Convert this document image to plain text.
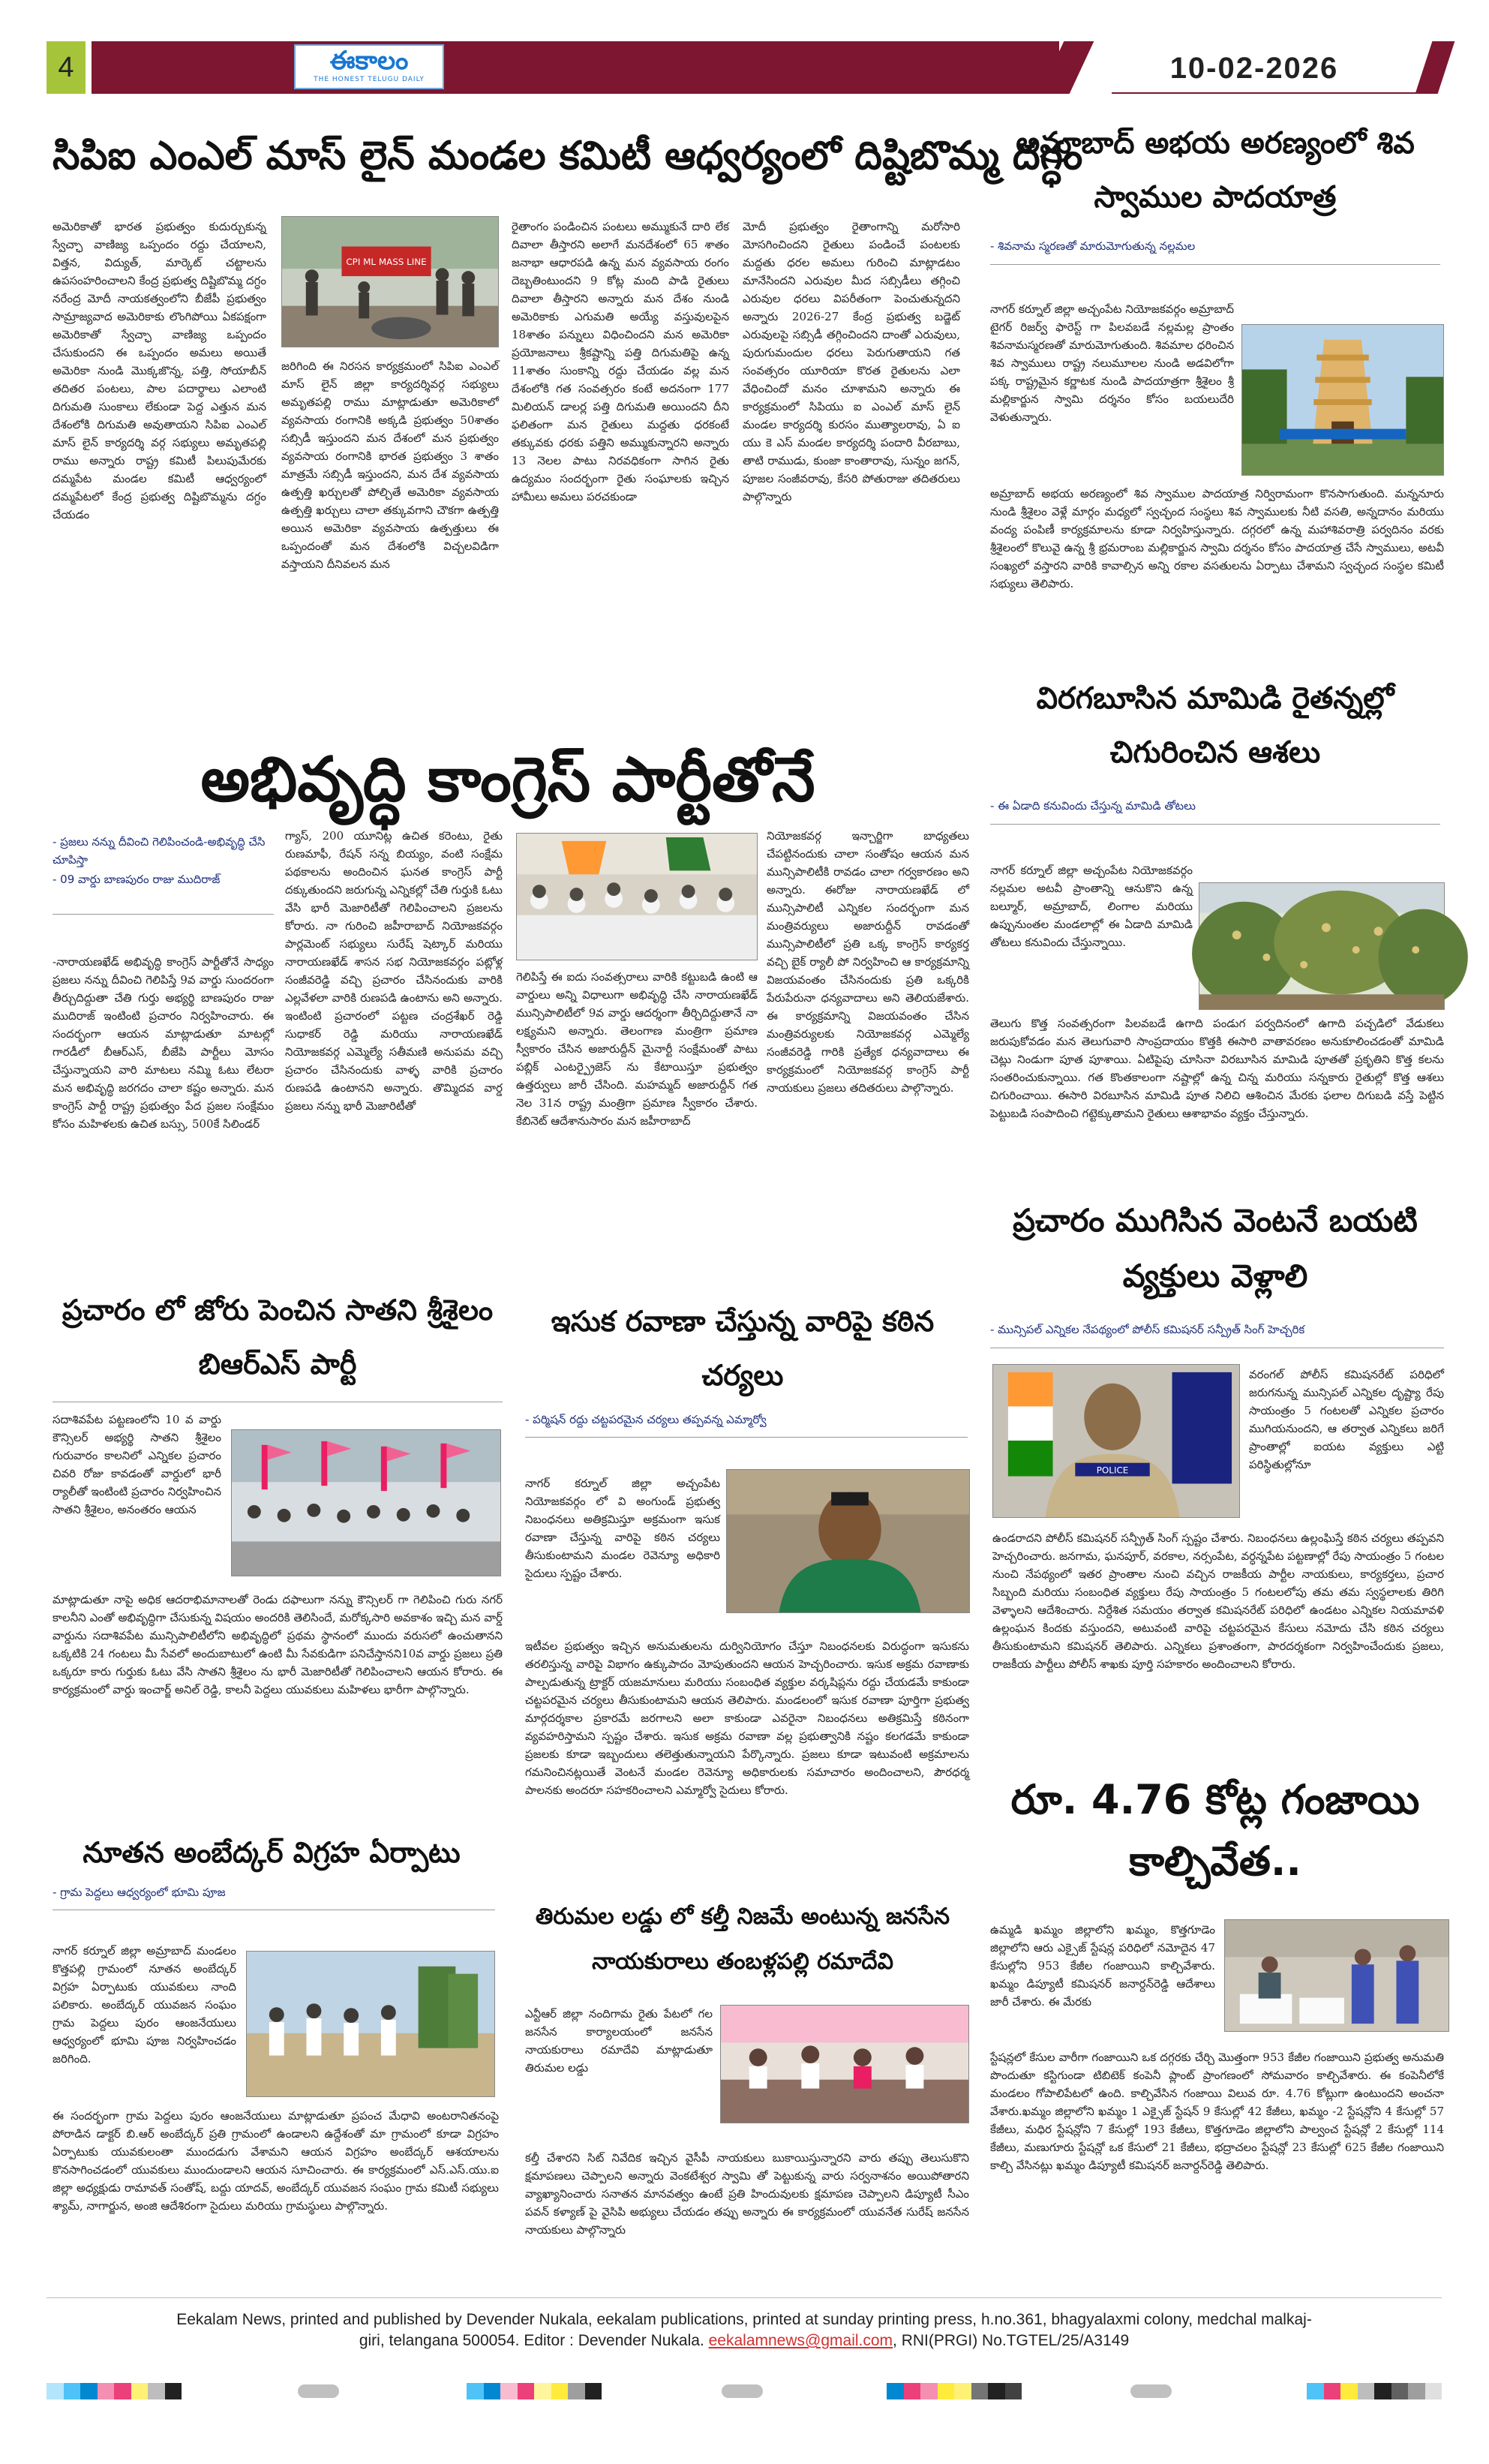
4	ఈకాలం
THE HONEST TELUGU DAILY	10-02-2026
సిపిఐ ఎంఎల్ మాస్ లైన్ మండల కమిటీ ఆధ్వర్యంలో దిష్టిబొమ్మ దగ్ధం
అమెరికాతో భారత ప్రభుత్వం కుదుర్చుకున్న స్వేచ్ఛా వాణిజ్య ఒప్పందం రద్దు చేయాలని, విత్తన, విద్యుత్, మార్కెట్ చట్టాలను ఉపసంహరించాలని కేంద్ర ప్రభుత్వ దిష్టిబొమ్మ దగ్ధం నరేంద్ర మోదీ నాయకత్వంలోని బీజేపీ ప్రభుత్వం సామ్రాజ్యవాద అమెరికాకు లొంగిపోయి ఏకపక్షంగా అమెరికాతో స్వేచ్ఛా వాణిజ్య ఒప్పందం చేసుకుందని ఈ ఒప్పందం అమలు అయితే అమెరికా నుండి మొక్కజొన్న, పత్తి, సోయాబీన్ తదితర పంటలు, పాల పదార్థాలు ఎలాంటి దిగుమతి సుంకాలు లేకుండా పెద్ద ఎత్తున మన దేశంలోకి దిగుమతి అవుతాయని సిపిఐ ఎంఎల్ మాస్ లైన్ కార్యదర్శి వర్గ సభ్యులు అమృతపల్లి రాము అన్నారు రాష్ట్ర కమిటీ పిలుపుమేరకు దమ్మపేట మండల కమిటీ ఆధ్వర్యంలో దమ్మపేటలో కేంద్ర ప్రభుత్వ దిష్టిబొమ్మను దగ్ధం చేయడం
CPI ML MASS LINE
జరిగింది ఈ నిరసన కార్యక్రమంలో సిపిఐ ఎంఎల్ మాస్ లైన్ జిల్లా కార్యదర్శివర్గ సభ్యులు అమృతపల్లి రాము మాట్లాడుతూ అమెరికాలో వ్యవసాయ రంగానికి అక్కడి ప్రభుత్వం 50శాతం సబ్సిడీ ఇస్తుందని మన దేశంలో మన ప్రభుత్వం వ్యవసాయ రంగానికి భారత ప్రభుత్వం 3 శాతం మాత్రమే సబ్సిడీ ఇస్తుందని, మన దేశ వ్యవసాయ ఉత్పత్తి ఖర్చులతో పోల్చితే అమెరికా వ్యవసాయ ఉత్పత్తి ఖర్చులు చాలా తక్కువగాని చౌకగా ఉత్పత్తి అయిన అమెరికా వ్యవసాయ ఉత్పత్తులు ఈ ఒప్పందంతో మన దేశంలోకి విచ్చలవిడిగా వస్తాయని దీనివలన మన
రైతాంగం పండించిన పంటలు అమ్ముకునే దారి లేక దివాలా తీస్తారని అలాగే మనదేశంలో 65 శాతం జనాభా ఆధారపడి ఉన్న మన వ్యవసాయ రంగం దెబ్బతింటుందని 9 కోట్ల మంది పాడి రైతులు దివాలా తీస్తారని అన్నారు మన దేశం నుండి అమెరికాకు ఎగుమతి అయ్యే వస్తువులపైన 18శాతం పన్నులు విధించిందని మన అమెరికా ప్రయోజనాలు శ్రీకష్టాన్ని పత్తి దిగుమతిపై ఉన్న 11శాతం సుంకాన్ని రద్దు చేయడం వల్ల మన దేశంలోకి గత సంవత్సరం కంటే అదనంగా 177 మిలియన్ డాలర్ల పత్తి దిగుమతి అయిందని దీని ఫలితంగా మన రైతులు మద్దతు ధరకంటే తక్కువకు ధరకు పత్తిని అమ్ముకున్నారని అన్నారు 13 నెలల పాటు నిరవధికంగా సాగిన రైతు ఉద్యమం సందర్భంగా రైతు సంఘాలకు ఇచ్చిన హామీలు అమలు పరచకుండా
మోదీ ప్రభుత్వం రైతాంగాన్ని మరోసారి మోసగించిందని రైతులు పండించే పంటలకు మద్దతు ధరల అమలు గురించి మాట్లాడటం మానేసిందని ఎరువుల మీద సబ్సిడీలు తగ్గించి ఎరువుల ధరలు విపరీతంగా పెంచుతున్నదని అన్నారు 2026-27 కేంద్ర ప్రభుత్వ బడ్జెట్ ఎరువులపై సబ్సిడీ తగ్గించిందని దాంతో ఎరువులు, పురుగుమందుల ధరలు పెరుగుతాయని గత సంవత్సరం యూరియా కొరత రైతులను ఎలా వేధించిందో మనం చూశామని అన్నారు ఈ కార్యక్రమంలో సిపియు ఐ ఎంఎల్ మాస్ లైన్ మండల కార్యదర్శి కురసం ముత్యాలరావు, ఏ ఐ యు కె ఎస్ మండల కార్యదర్శి పందారి వీరబాబు, తాటి రాముడు, కుంజా కాంతారావు, సున్నం జగన్, పూజల సంజీవరావు, కేసరి పోతురాజు తదితరులు పాల్గొన్నారు
అమ్రాబాద్ అభయ అరణ్యంలో శివ స్వాముల పాదయాత్ర
- శివనామ స్మరణతో మారుమోగుతున్న నల్లమల
నాగర్ కర్నూల్ జిల్లా అచ్చంపేట నియోజకవర్గం అమ్రాబాద్ టైగర్ రిజర్వ్ ఫారెస్ట్ గా పిలవబడే నల్లమల్ల ప్రాంతం శివనామస్మరణతో మారుమోగుతుంది. శివమాల ధరించిన శివ స్వాములు రాష్ట్ర నలుమూలల నుండి అడవిలోగా పక్క రాష్ట్రమైన కర్ణాటక నుండి పాదయాత్రగా శ్రీశైలం శ్రీ మల్లికార్జున స్వామి దర్శనం కోసం బయలుదేరి వెళుతున్నారు.
అమ్రాబాద్ అభయ అరణ్యంలో శివ స్వాముల పాదయాత్ర నిర్విరామంగా కొనసాగుతుంది. మన్ననూరు నుండి శ్రీశైలం వెళ్లే మార్గం మధ్యలో స్వచ్ఛంద సంస్థలు శివ స్వాములకు నీటి వసతి, అన్నదానం మరియు వంద్య పంపిణీ కార్యక్రమాలను కూడా నిర్వహిస్తున్నారు. దగ్గరలో ఉన్న మహాశివరాత్రి పర్వదినం వరకు శ్రీశైలంలో కొలువై ఉన్న శ్రీ భ్రమరాంబ మల్లికార్జున స్వామి దర్శనం కోసం పాదయాత్ర చేసే స్వాములు, అటవీ సంఖ్యలో వస్తారని వారికి కావాల్సిన అన్ని రకాల వసతులను ఏర్పాటు చేశామని స్వచ్ఛంద సంస్థల కమిటీ సభ్యులు తెలిపారు.
విరగబూసిన మామిడి రైతన్నల్లో చిగురించిన ఆశలు
- ఈ ఏడాది కనువిందు చేస్తున్న మామిడి తోటలు
నాగర్ కర్నూల్ జిల్లా అచ్చంపేట నియోజకవర్గం నల్లమల అటవీ ప్రాంతాన్ని ఆనుకొని ఉన్న బల్మూర్, అమ్రాబాద్, లింగాల మరియు ఉప్పునుంతల మండలాల్లో ఈ ఏడాది మామిడి తోటలు కనువిందు చేస్తున్నాయి.
తెలుగు కొత్త సంవత్సరంగా పిలవబడే ఉగాది పండుగ పర్వదినంలో ఉగాది పచ్చడిలో వేడుకలు జరుపుకోవడం మన తెలుగువారి సాంప్రదాయం కొత్తకి ఈసారి వాతావరణం అనుకూలించడంతో మామిడి చెట్లు నిండుగా పూత పూశాయి. ఏటిపైపు చూసినా విరబూసిన మామిడి పూతతో ప్రకృతిని కొత్త కలను సంతరించుకున్నాయి. గత కొంతకాలంగా నష్టాల్లో ఉన్న చిన్న మరియు సన్నకారు రైతుల్లో కొత్త ఆశలు చిగురించాయి. ఈసారి విరబూసిన మామిడి పూత నిలిచి ఆశించిన మేరకు ఫలాల దిగుబడి వస్తే పెట్టిన పెట్టుబడి సంపాదించి గట్టెక్కుతామని రైతులు ఆశాభావం వ్యక్తం చేస్తున్నారు.
అభివృద్ధి కాంగ్రెస్ పార్టీతోనే
- ప్రజలు నన్ను దీవించి గెలిపించండి-అభివృద్ధి చేసి చూపిస్తా
- 09 వార్డు బాణపురం రాజు ముదిరాజ్
-నారాయణఖేడ్ అభివృద్ధి కాంగ్రెస్ పార్టీతోనే సాధ్యం ప్రజలు నన్ను దీవించి గెలిపిస్తే 9వ వార్డు సుందరంగా తీర్చుదిద్దుతా చేతి గుర్తు అభ్యర్థి బాణపురం రాజు ముదిరాజ్ ఇంటింటి ప్రచారం నిర్వహించారు. ఈ సందర్భంగా ఆయన మాట్లాడుతూ మాటల్లో గారడీలో బీఆర్ఎస్, బీజేపి పార్టీలు మోసం చేస్తున్నాయని వారి మాటలు నమ్మి ఓటు లేటరా మన అభివృద్ధి జరగదం చాలా కష్టం అన్నారు. మన కాంగ్రెస్ పార్టీ రాష్ట్ర ప్రభుత్వం పేద ప్రజల సంక్షేమం కోసం మహిళలకు ఉచిత బస్సు, 500కే సిలిండర్
గ్యాస్, 200 యూనిట్ల ఉచిత కరెంటు, రైతు రుణమాఫీ, రేషన్ సన్న బియ్యం, వంటి సంక్షేమ పథకాలను అందించిన ఘనత కాంగ్రెస్ పార్టీ దక్కుతుందని జరుగున్న ఎన్నికల్లో చేతి గుర్తుకి ఓటు వేసి భారీ మెజారిటీతో గెలిపించాలని ప్రజలను కోరారు. నా గురించి జహీరాబాద్ నియోజకవర్గం పార్లమెంట్ సభ్యులు సురేష్ షెట్కార్ మరియు నారాయణఖేడ్ శాసన సభ నియోజకవర్గం పట్లోళ్ల సంజీవరెడ్డి వచ్చి ప్రచారం చేసినందుకు వారికి ఎల్లవేళలా వారికి రుణపడి ఉంటాను అని అన్నారు. ఇంటింటి ప్రచారంలో పట్టణ చంద్రశేఖర్ రెడ్డి సుధాకర్ రెడ్డి మరియు నారాయణఖేడ్ నియోజకవర్గ ఎమ్మెల్యే సతీమణి అనుపమ వచ్చి ప్రచారం చేసినందుకు వాళ్ళ వారికి ప్రచారం రుణపడి ఉంటానని అన్నారు. తొమ్మిదవ వార్డ ప్రజలు నన్ను భారీ మెజారిటీతో
గెలిపిస్తే ఈ ఐదు సంవత్సరాలు వారికి కట్టుబడి ఉంటి ఆ వార్డులు అన్ని విధాలుగా అభివృద్ధి చేసి నారాయణఖేడ్ మున్సిపాలిటీలో 9వ వార్డు ఆదర్శంగా తీర్చిదిద్దుతానే నా లక్ష్యమని అన్నారు. తెలంగాణ మంత్రిగా ప్రమాణ స్వీకారం చేసిన అజారుద్దీన్ మైనార్టీ సంక్షేమంతో పాటు పబ్లిక్ ఎంటర్ప్రైజెస్ ను కేటాయిస్తూ ప్రభుత్వం ఉత్తర్వులు జారీ చేసింది. మహమ్మద్ అజారుద్దీన్ గత నెల 31న రాష్ట్ర మంత్రిగా ప్రమాణ స్వీకారం చేశారు. కేబినెట్ ఆదేశానుసారం మన జహీరాబాద్
నియోజకవర్గ ఇన్చార్జిగా బాధ్యతలు చేపట్టినందుకు చాలా సంతోషం ఆయన మన మున్సిపాలిటీకి రావడం చాలా గర్వకారణం అని అన్నారు. ఈరోజు నారాయణఖేడ్ లో మున్సిపాలిటీ ఎన్నికల సందర్భంగా మన మంత్రివర్యులు అజారుద్దీన్ రావడంతో మున్సిపాలిటీలో ప్రతి ఒక్క కాంగ్రెస్ కార్యకర్త వచ్చి బైక్ ర్యాలీ పో నిర్వహించి ఆ కార్యక్రమాన్ని విజయవంతం చేసినందుకు ప్రతి ఒక్కరికి పేరుపేరునా ధన్యవాదాలు అని తెలియజేశారు. ఈ కార్యక్రమాన్ని విజయవంతం చేసిన మంత్రివర్యులకు నియోజకవర్గ ఎమ్మెల్యే సంజీవరెడ్డి గారికి ప్రత్యేక ధన్యవాదాలు ఈ కార్యక్రమంలో నియోజకవర్గ కాంగ్రెస్ పార్టీ నాయకులు ప్రజలు తదితరులు పాల్గొన్నారు.
ప్రచారం లో జోరు పెంచిన సాతని శ్రీశైలం బిఆర్ఎస్ పార్టీ
సదాశివపేట పట్టణంలోని 10 వ వార్డు కౌన్సిలర్ అభ్యర్థి సాతని శ్రీశైలం గురువారం కాలనిలో ఎన్నికల ప్రచారం చివరి రోజు కావడంతో వార్డులో భారీ ర్యాలీతో ఇంటింటి ప్రచారం నిర్వహించిన సాతని శ్రీశైలం, అనంతరం ఆయన
మాట్లాడుతూ నాపై అధిక ఆదరాభిమానాలతో రెండు దఫాలుగా నన్ను కౌన్సిలర్ గా గెలిపించి గురు నగర్ కాలనీని ఎంతో అభివృద్ధిగా చేసుకున్న విషయం అందరికి తెలిసిందే, మరోక్కసారి అవకాశం ఇచ్చి మన వార్డ్ వార్డును సదాశివపేట మున్సిపాలిటీలోని అభివృద్ధిలో ప్రథమ స్థానంలో ముందు వరుసలో ఉంచుతానని ఒక్కటికి 24 గంటలు మీ సేవలో అందుబాటులో ఉంటి మీ సేవకుడిగా పనిచేస్తానని10వ వార్డు ప్రజలు ప్రతి ఒక్కరూ కారు గుర్తుకు ఓటు వేసి సాతని శ్రీశైలం ను భారీ మెజారిటీతో గెలిపించాలని ఆయన కోరారు. ఈ కార్యక్రమంలో వార్డు ఇంచార్జ్ అనిల్ రెడ్డి, కాలనీ పెద్దలు యువకులు మహిళలు భారీగా పాల్గొన్నారు.
ఇసుక రవాణా చేస్తున్న వారిపై కఠిన చర్యలు
- పర్మిషన్ రద్దు చట్టపరమైన చర్యలు తప్పవన్న ఎమ్మార్వో
నాగర్ కర్నూల్ జిల్లా అచ్చంపేట నియోజకవర్గం లో వి అంగుండ్ ప్రభుత్వ నిబంధనలు అతిక్రమిస్తూ అక్రమంగా ఇసుక రవాణా చేస్తున్న వారిపై కఠిన చర్యలు తీసుకుంటామని మండల రెవెన్యూ అధికారి సైదులు స్పష్టం చేశారు.
ఇటీవల ప్రభుత్వం ఇచ్చిన అనుమతులను దుర్వినియోగం చేస్తూ నిబంధనలకు విరుద్ధంగా ఇసుకను తరలిస్తున్న వారిపై విభాగం ఉక్కుపాదం మోపుతుందని ఆయన హెచ్చరించారు. ఇసుక అక్రమ రవాణాకు పాల్పడుతున్న ట్రాక్టర్ యజమానులు మరియు సంబంధిత వ్యక్తుల వర్కషిప్లను రద్దు చేయడమే కాకుండా చట్టపరమైన చర్యలు తీసుకుంటామని ఆయన తెలిపారు. మండలంలో ఇసుక రవాణా పూర్తిగా ప్రభుత్వ మార్గదర్శకాల ప్రకారమే జరగాలని అలా కాకుండా ఎవరైనా నిబంధనలు అతిక్రమిస్తే కఠినంగా వ్యవహరిస్తామని స్పష్టం చేశారు. ఇసుక అక్రమ రవాణా వల్ల ప్రభుత్వానికి నష్టం కలగడమే కాకుండా ప్రజలకు కూడా ఇబ్బందులు తలెత్తుతున్నాయని పేర్కొన్నారు. ప్రజలు కూడా ఇటువంటి అక్రమాలను గమనించినట్లయితే వెంటనే మండల రెవెన్యూ అధికారులకు సమాచారం అందించాలని, పౌరధర్మ పాలనకు అందరూ సహకరించాలని ఎమ్మార్వో సైదులు కోరారు.
ప్రచారం ముగిసిన వెంటనే బయటి వ్యక్తులు వెళ్లాలి
- మున్సిపల్ ఎన్నికల నేపథ్యంలో పోలీస్ కమిషనర్ సన్ప్రీత్ సింగ్ హెచ్చరిక
POLICE
వరంగల్ పోలీస్ కమిషనరేట్ పరిధిలో జరుగనున్న మున్సిపల్ ఎన్నికల దృష్ట్యా రేపు సాయంత్రం 5 గంటలతో ఎన్నికల ప్రచారం ముగియనుందని, ఆ తర్వాత ఎన్నికలు జరిగే ప్రాంతాల్లో ఐయట వ్యక్తులు ఎట్టి పరిస్థితుల్లోనూ
ఉండరాదని పోలీస్ కమిషనర్ సన్ప్రీత్ సింగ్ స్పష్టం చేశారు. నిబంధనలు ఉల్లంఘిస్తే కఠిన చర్యలు తప్పవని హెచ్చరించారు. జనగామ, ఘనపూర్, వరకాల, నర్సంపేట, వర్ధన్నపేట పట్టణాల్లో రేపు సాయంత్రం 5 గంటల నుంచి నేపథ్యంలో ఇతర ప్రాంతాల నుంచి వచ్చిన రాజకీయ పార్టీల నాయకులు, కార్యకర్తలు, ప్రచార సిబ్బంది మరియు సంబంధిత వ్యక్తులు రేపు సాయంత్రం 5 గంటలలోపు తమ తమ స్వస్థలాలకు తిరిగి వెళ్ళాలని ఆదేశించారు. నిర్దేశిత సమయం తర్వాత కమిషనరేట్ పరిధిలో ఉండటం ఎన్నికల నియమావళి ఉల్లంఘన కిందకు వస్తుందని, అటువంటి వారిపై చట్టపరమైన కేసులు నమోదు చేసి కఠిన చర్యలు తీసుకుంటామని కమిషనర్ తెలిపారు. ఎన్నికలు ప్రశాంతంగా, పారదర్శకంగా నిర్వహించేందుకు ప్రజలు, రాజకీయ పార్టీలు పోలీస్ శాఖకు పూర్తి సహకారం అందించాలని కోరారు.
రూ. 4.76 కోట్ల గంజాయి కాల్చివేత..
ఉమ్మడి ఖమ్మం జిల్లాలోని ఖమ్మం, కొత్తగూడెం జిల్లాలోని ఆరు ఎక్సైజ్ స్టేషన్ల పరిధిలో నమోదైన 47 కేసుల్లోని 953 కేజీల గంజాయిని కాల్చివేశారు. ఖమ్మం డిప్యూటీ కమిషనర్ జనార్దన్‌రెడ్డి ఆదేశాలు జారీ చేశారు. ఈ మేరకు
స్టేషన్లలో కేసుల వారీగా గంజాయిని ఒక దగ్గరకు చేర్చి మొత్తంగా 953 కేజీల గంజాయిని ప్రభుత్వ అనుమతి పొందుతూ కస్టిగుండా టిబిటెక్ కంపెనీ ప్లాంట్ ప్రాంగణంలో సోమవారం కాల్చివేశారు. ఈ కంపెనీలోకే మండలం గోపాలిపేటలో ఉంది. కాల్చివేసిన గంజాయి విలువ రూ. 4.76 కోట్లుగా ఉంటుందని అంచనా వేశారు.ఖమ్మం జిల్లాలోని ఖమ్మం 1 ఎక్సైజ్ స్టేషన్ 9 కేసుల్లో 42 కేజీలు, ఖమ్మం -2 స్టేషన్లోని 4 కేసుల్లో 57 కేజీలు, మధిర స్టేషన్లోని 7 కేసుల్లో 193 కేజీలు, కొత్తగూడెం జిల్లాలోని పాల్వంచ స్టేషన్లో 2 కేసుల్లో 114 కేజీలు, మణుగూరు స్టేషన్లో ఒక కేసులో 21 కేజీలు, భద్రాచలం స్టేషన్లో 23 కేసుల్లో 625 కేజీల గంజాయిని కాల్చి వేసినట్లు ఖమ్మం డిప్యూటీ కమిషనర్ జనార్దన్‌రెడ్డి తెలిపారు.
నూతన అంబేద్కర్ విగ్రహ ఏర్పాటు
- గ్రామ పెద్దలు ఆధ్వర్యంలో భూమి పూజ
నాగర్ కర్నూల్ జిల్లా అమ్రాబాద్ మండలం కొత్తపల్లి గ్రామంలో నూతన అంబేద్కర్ విగ్రహ ఏర్పాటుకు యువకులు నాంది పలికారు. అంబేద్కర్ యువజన సంఘం గ్రామ పెద్దలు పురం ఆంజనేయులు ఆధ్వర్యంలో భూమి పూజ నిర్వహించడం జరిగింది.
ఈ సందర్భంగా గ్రామ పెద్దలు పురం ఆంజనేయులు మాట్లాడుతూ ప్రపంచ మేధావి అంటరానితనంపై పోరాడిన డాక్టర్ బి.ఆర్ అంబేద్కర్ ప్రతి గ్రామంలో ఉండాలని ఉద్దేశంతో మా గ్రామంలో కూడా విగ్రహం ఏర్పాటుకు యువకులంతా ముందడుగు వేశామని ఆయన విగ్రహం అంబేద్కర్ ఆశయాలను కొనసాగించడంలో యువకులు ముందుండాలని ఆయన సూచించారు. ఈ కార్యక్రమంలో ఎస్.ఎస్.యు.ఐ జిల్లా అధ్యక్షుడు రామావత్ సంతోష్, బద్దు యాదవ్, అంబేద్కర్ యువజన సంఘం గ్రామ కమిటీ సభ్యులు శ్యామ్, నాగార్జున, అంజి ఆదేశిరంగా సైదులు మరియు గ్రామస్థులు పాల్గొన్నారు.
తిరుమల లడ్డు లో కల్తీ నిజమే అంటున్న జనసేన నాయకురాలు తంబళ్లపల్లి రమాదేవి
ఎన్టీఆర్ జిల్లా నందిగామ రైతు పేటలో గల జనసేన కార్యాలయంలో జనసేన నాయకురాలు రమాదేవి మాట్లాడుతూ తిరుమల లడ్డు
కల్తీ చేశారని సిట్ నివేదిక ఇచ్చిన వైసీపీ నాయకులు బుకాయిస్తున్నారని వారు తప్పు తెలుసుకొని క్షమాపణలు చెప్పాలని అన్నారు వెంకటేశ్వర స్వామి తో పెట్టుకున్న వారు సర్వనాశనం అయిపోతారని వ్యాఖ్యానించారు సనాతన మానవత్వం ఉంటే ప్రతి హిందువులకు క్షమాపణ చెప్పాలని డిప్యూటీ సీఎం పవన్ కళ్యాణ్ పై వైసిపి అభ్యులు చేయడం తప్పు అన్నారు ఈ కార్యక్రమంలో యువనేత సురేష్ జనసేన నాయకులు పాల్గొన్నారు
Eekalam News, printed and published by Devender Nukala, eekalam publications, printed at sunday printing press, h.no.361, bhagyalaxmi colony, medchal malkaj-
giri, telangana 500054. Editor : Devender Nukala. eekalamnews@gmail.com, RNI(PRGI) No.TGTEL/25/A3149
